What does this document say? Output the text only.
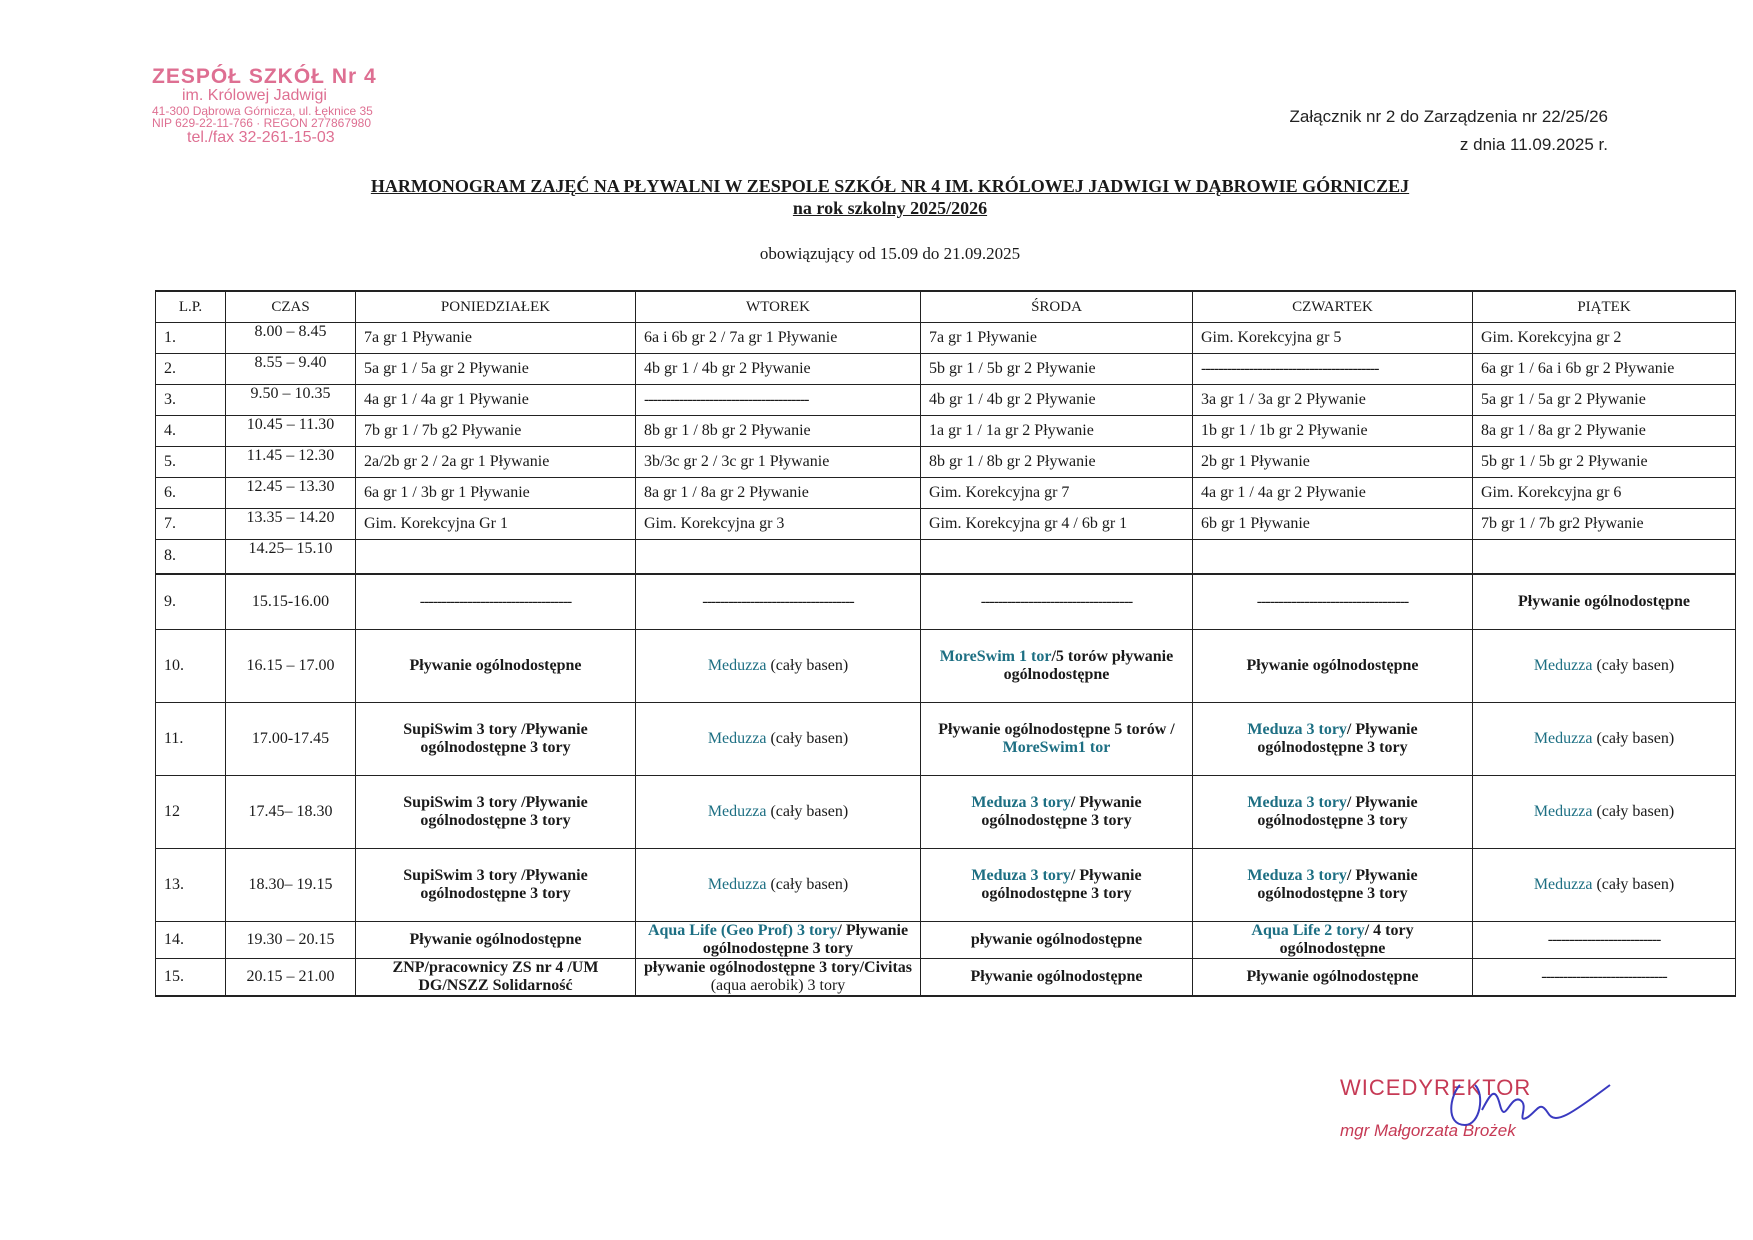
ZESPÓŁ SZKÓŁ Nr 4
im. Królowej Jadwigi
41-300 Dąbrowa Górnicza, ul. Łęknice 35
NIP 629-22-11-766 · REGON 277867980
tel./fax 32-261-15-03
Załącznik nr 2 do Zarządzenia nr 22/25/26
z dnia 11.09.2025 r.
HARMONOGRAM ZAJĘĆ NA PŁYWALNI W ZESPOLE SZKÓŁ NR 4 IM. KRÓLOWEJ JADWIGI W DĄBROWIE GÓRNICZEJ
na rok szkolny 2025/2026
obowiązujący od 15.09 do 21.09.2025
L.P.	CZAS	PONIEDZIAŁEK	WTOREK	ŚRODA	CZWARTEK	PIĄTEK
1.	8.00 – 8.45	7a gr 1 Pływanie	6a i 6b gr 2 / 7a gr 1 Pływanie	7a gr 1 Pływanie	Gim. Korekcyjna gr 5	Gim. Korekcyjna gr 2
2.	8.55 – 9.40	5a gr 1 / 5a gr 2 Pływanie	4b gr 1 / 4b gr 2 Pływanie	5b gr 1 / 5b gr 2 Pływanie	-----------------------------------------	6a gr 1 / 6a i 6b gr 2 Pływanie
3.	9.50 – 10.35	4a gr 1 / 4a gr 1 Pływanie	--------------------------------------	4b gr 1 / 4b gr 2 Pływanie	3a gr 1 / 3a gr 2 Pływanie	5a gr 1 / 5a gr 2 Pływanie
4.	10.45 – 11.30	7b gr 1 / 7b g2 Pływanie	8b gr 1 / 8b gr 2 Pływanie	1a gr 1 / 1a gr 2 Pływanie	1b gr 1 / 1b gr 2 Pływanie	8a gr 1 / 8a gr 2 Pływanie
5.	11.45 – 12.30	2a/2b gr 2 / 2a gr 1 Pływanie	3b/3c gr 2 / 3c gr 1 Pływanie	8b gr 1 / 8b gr 2 Pływanie	2b gr 1 Pływanie	5b gr 1 / 5b gr 2 Pływanie
6.	12.45 – 13.30	6a gr 1 / 3b gr 1 Pływanie	8a gr 1 / 8a gr 2 Pływanie	Gim. Korekcyjna gr 7	4a gr 1 / 4a gr 2 Pływanie	Gim. Korekcyjna gr 6
7.	13.35 – 14.20	Gim. Korekcyjna Gr 1	Gim. Korekcyjna gr 3	Gim. Korekcyjna gr 4 / 6b gr 1	6b gr 1 Pływanie	7b gr 1 / 7b gr2 Pływanie
8.	14.25– 15.10					
9.	15.15-16.00	-----------------------------------	-----------------------------------	-----------------------------------	-----------------------------------	Pływanie ogólnodostępne
10.	16.15 – 17.00	Pływanie ogólnodostępne	Meduzza (cały basen)	MoreSwim 1 tor/5 torów pływanie ogólnodostępne	Pływanie ogólnodostępne	Meduzza (cały basen)
11.	17.00-17.45	SupiSwim 3 tory /Pływanie ogólnodostępne 3 tory	Meduzza (cały basen)	Pływanie ogólnodostępne 5 torów / MoreSwim1 tor	Meduza 3 tory/ Pływanie ogólnodostępne 3 tory	Meduzza (cały basen)
12	17.45– 18.30	SupiSwim 3 tory /Pływanie ogólnodostępne 3 tory	Meduzza (cały basen)	Meduza 3 tory/ Pływanie ogólnodostępne 3 tory	Meduza 3 tory/ Pływanie ogólnodostępne 3 tory	Meduzza (cały basen)
13.	18.30– 19.15	SupiSwim 3 tory /Pływanie ogólnodostępne 3 tory	Meduzza (cały basen)	Meduza 3 tory/ Pływanie ogólnodostępne 3 tory	Meduza 3 tory/ Pływanie ogólnodostępne 3 tory	Meduzza (cały basen)
14.	19.30 – 20.15	Pływanie ogólnodostępne	Aqua Life (Geo Prof) 3 tory/ Pływanie ogólnodostępne 3 tory	pływanie ogólnodostępne	Aqua Life 2 tory/ 4 tory ogólnodostępne	--------------------------
15.	20.15 – 21.00	ZNP/pracownicy ZS nr 4 /UM DG/NSZZ Solidarność	pływanie ogólnodostępne 3 tory/Civitas (aqua aerobik) 3 tory	Pływanie ogólnodostępne	Pływanie ogólnodostępne	-----------------------------
WICEDYREKTOR
mgr Małgorzata Brożek
